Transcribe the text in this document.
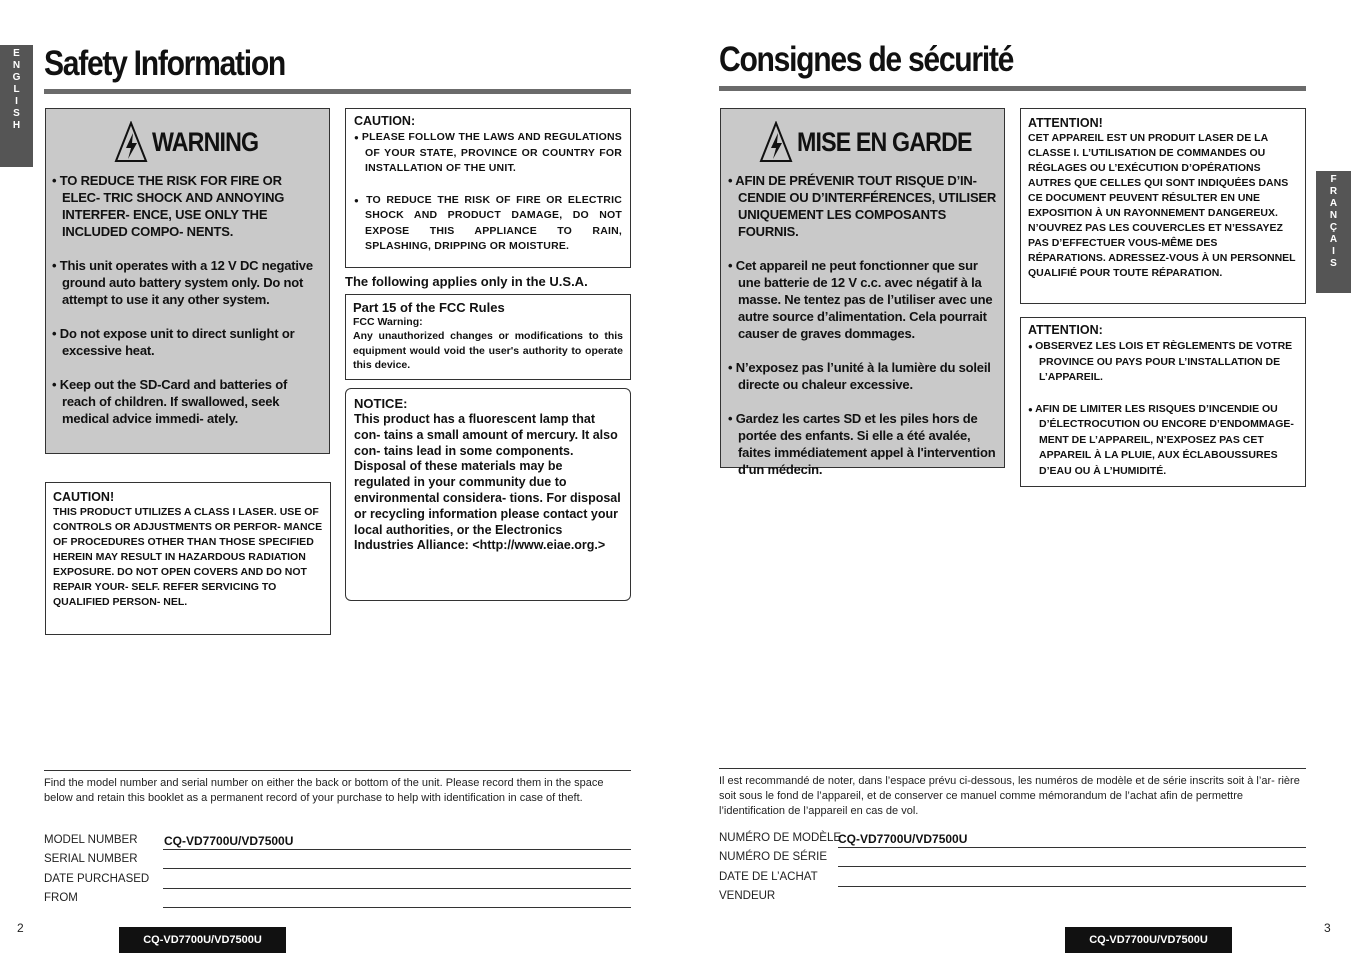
E
N
G
L
I
S
H
Safety Information
WARNING
• TO REDUCE THE RISK FOR FIRE OR ELEC- TRIC SHOCK AND ANNOYING INTERFER- ENCE, USE ONLY THE INCLUDED COMPO- NENTS.
• This unit operates with a 12 V DC negative ground auto battery system only. Do not attempt to use it any other system.
• Do not expose unit to direct sunlight or excessive heat.
• Keep out the SD-Card and batteries of reach of children. If swallowed, seek medical advice immedi- ately.
CAUTION!
THIS PRODUCT UTILIZES A CLASS I LASER. USE OF CONTROLS OR ADJUSTMENTS OR PERFOR- MANCE OF PROCEDURES OTHER THAN THOSE SPECIFIED HEREIN MAY RESULT IN HAZARDOUS RADIATION EXPOSURE. DO NOT OPEN COVERS AND DO NOT REPAIR YOUR- SELF. REFER SERVICING TO QUALIFIED PERSON- NEL.
CAUTION:
● PLEASE FOLLOW THE LAWS AND REGULATIONS OF YOUR STATE, PROVINCE OR COUNTRY FOR INSTALLATION OF THE UNIT.
● TO REDUCE THE RISK OF FIRE OR ELECTRIC SHOCK AND PRODUCT DAMAGE, DO NOT EXPOSE THIS APPLIANCE TO RAIN, SPLASHING, DRIPPING OR MOISTURE.
The following applies only in the U.S.A.
Part 15 of the FCC Rules
FCC Warning:
Any unauthorized changes or modifications to this equipment would void the user's authority to operate this device.
NOTICE:
This product has a fluorescent lamp that con- tains a small amount of mercury. It also con- tains lead in some components. Disposal of these materials may be regulated in your community due to environmental considera- tions. For disposal or recycling information please contact your local authorities, or the Electronics Industries Alliance: <http://www.eiae.org.>
Find the model number and serial number on either the back or bottom of the unit. Please record them in the space below and retain this booklet as a permanent record of your purchase to help with identification in case of theft.
MODEL NUMBER CQ-VD7700U/VD7500U
SERIAL NUMBER
DATE PURCHASED
FROM
2
CQ-VD7700U/VD7500U
Consignes de sécurité
F
R
A
N
Ç
A
I
S
MISE EN GARDE
• AFIN DE PRÉVENIR TOUT RISQUE D’IN- CENDIE OU D’INTERFÉRENCES, UTILISER UNIQUEMENT LES COMPOSANTS FOURNIS.
• Cet appareil ne peut fonctionner que sur une batterie de 12 V c.c. avec négatif à la masse. Ne tentez pas de l’utiliser avec une autre source d’alimentation. Cela pourrait causer de graves dommages.
• N’exposez pas l’unité à la lumière du soleil directe ou chaleur excessive.
• Gardez les cartes SD et les piles hors de portée des enfants. Si elle a été avalée, faites immédiatement appel à l'intervention d'un médecin.
ATTENTION!
CET APPAREIL EST UN PRODUIT LASER DE LA CLASSE I. L’UTILISATION DE COMMANDES OU RÉGLAGES OU L’EXÉCUTION D’OPÉRATIONS AUTRES QUE CELLES QUI SONT INDIQUÉES DANS CE DOCUMENT PEUVENT RÉSULTER EN UNE EXPOSITION À UN RAYONNEMENT DANGEREUX. N’OUVREZ PAS LES COUVERCLES ET N’ESSAYEZ PAS D’EFFECTUER VOUS-MÊME DES RÉPARATIONS. ADRESSEZ-VOUS À UN PERSONNEL QUALIFIÉ POUR TOUTE RÉPARATION.
ATTENTION:
● OBSERVEZ LES LOIS ET RÈGLEMENTS DE VOTRE PROVINCE OU PAYS POUR L’INSTALLATION DE L’APPAREIL.
● AFIN DE LIMITER LES RISQUES D’INCENDIE OU D’ÉLECTROCUTION OU ENCORE D’ENDOMMAGE- MENT DE L’APPAREIL, N’EXPOSEZ PAS CET APPAREIL À LA PLUIE, AUX ÉCLABOUSSURES D’EAU OU À L’HUMIDITÉ.
Il est recommandé de noter, dans l’espace prévu ci-dessous, les numéros de modèle et de série inscrits soit à l’ar- rière soit sous le fond de l’appareil, et de conserver ce manuel comme mémorandum de l’achat afin de permettre l’identification de l’appareil en cas de vol.
NUMÉRO DE MODÈLE
CQ-VD7700U/VD7500U
NUMÉRO DE SÉRIE
DATE DE L’ACHAT
VENDEUR
CQ-VD7700U/VD7500U
3
